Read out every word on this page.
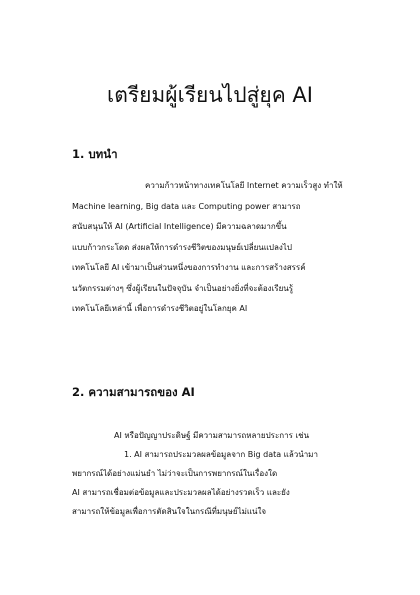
เตรียมผู้เรียนไปสู่ยุค AI
1. บทนำ
ความก้าวหน้าทางเทคโนโลยี Internet ความเร็วสูง ทำให้
Machine learning, Big data และ Computing power สามารถ
สนับสนุนให้ AI (Artificial Intelligence) มีความฉลาดมากขึ้น
แบบก้าวกระโดด ส่งผลให้การดำรงชีวิตของมนุษย์เปลี่ยนแปลงไป
เทคโนโลยี AI เข้ามาเป็นส่วนหนึ่งของการทำงาน และการสร้างสรรค์
นวัตกรรมต่างๆ ซึ่งผู้เรียนในปัจจุบัน จำเป็นอย่างยิ่งที่จะต้องเรียนรู้
เทคโนโลยีเหล่านี้ เพื่อการดำรงชีวิตอยู่ในโลกยุค AI
2. ความสามารถของ AI
AI หรือปัญญาประดิษฐ์ มีความสามารถหลายประการ เช่น
1. AI สามารถประมวลผลข้อมูลจาก Big data แล้วนำมา
พยากรณ์ได้อย่างแม่นยำ ไม่ว่าจะเป็นการพยากรณ์ในเรื่องใด
AI สามารถเชื่อมต่อข้อมูลและประมวลผลได้อย่างรวดเร็ว และยัง
สามารถให้ข้อมูลเพื่อการตัดสินใจในกรณีที่มนุษย์ไม่แน่ใจ
